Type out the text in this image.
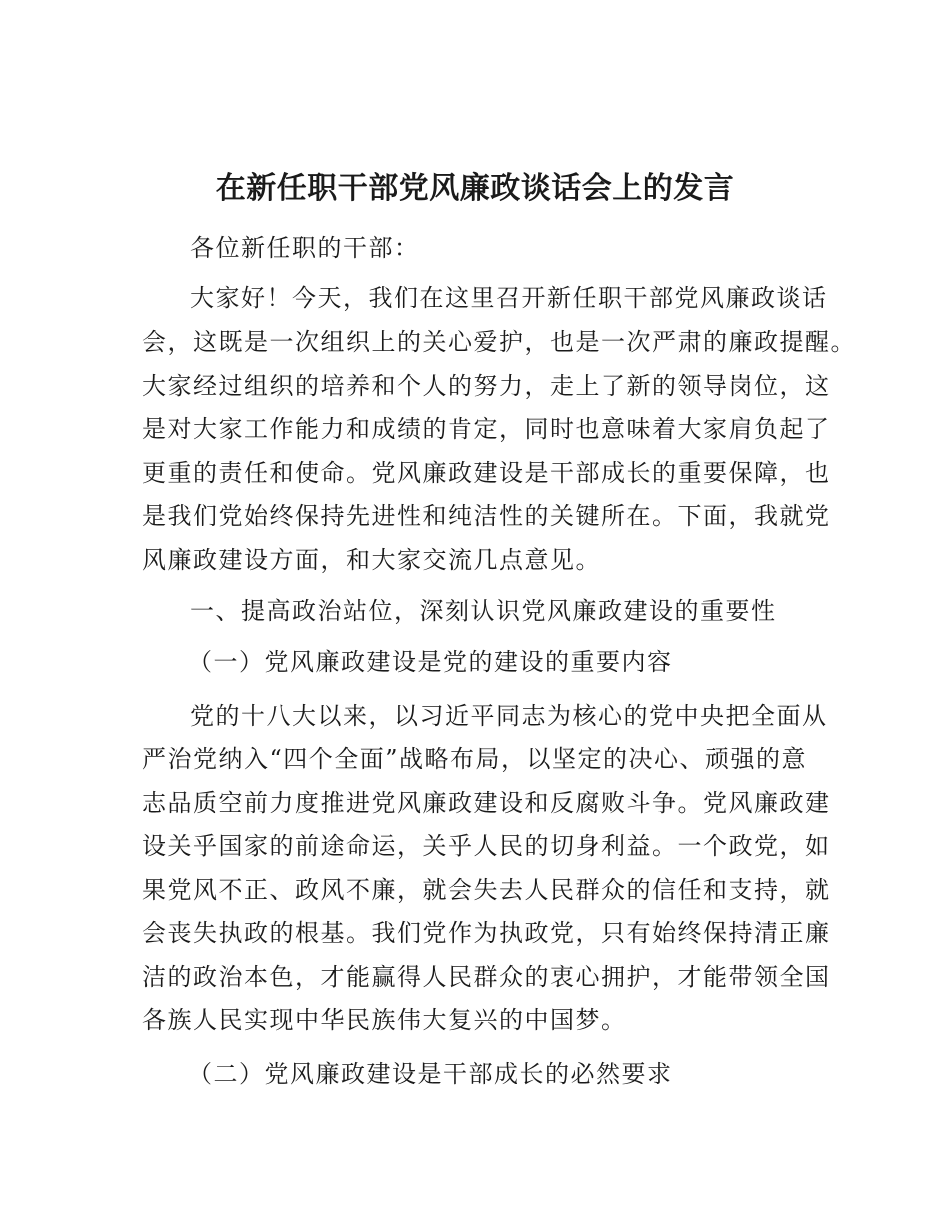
在新任职干部党风廉政谈话会上的发言
各位新任职的干部：
大家好！今天，我们在这里召开新任职干部党风廉政谈话
会，这既是一次组织上的关心爱护，也是一次严肃的廉政提醒。
大家经过组织的培养和个人的努力，走上了新的领导岗位，这
是对大家工作能力和成绩的肯定，同时也意味着大家肩负起了
更重的责任和使命。党风廉政建设是干部成长的重要保障，也
是我们党始终保持先进性和纯洁性的关键所在。下面，我就党
风廉政建设方面，和大家交流几点意见。
一、提高政治站位，深刻认识党风廉政建设的重要性
（一）党风廉政建设是党的建设的重要内容
党的十八大以来，以习近平同志为核心的党中央把全面从
严治党纳入“四个全面”战略布局，以坚定的决心、顽强的意
志品质空前力度推进党风廉政建设和反腐败斗争。党风廉政建
设关乎国家的前途命运，关乎人民的切身利益。一个政党，如
果党风不正、政风不廉，就会失去人民群众的信任和支持，就
会丧失执政的根基。我们党作为执政党，只有始终保持清正廉
洁的政治本色，才能赢得人民群众的衷心拥护，才能带领全国
各族人民实现中华民族伟大复兴的中国梦。
（二）党风廉政建设是干部成长的必然要求
